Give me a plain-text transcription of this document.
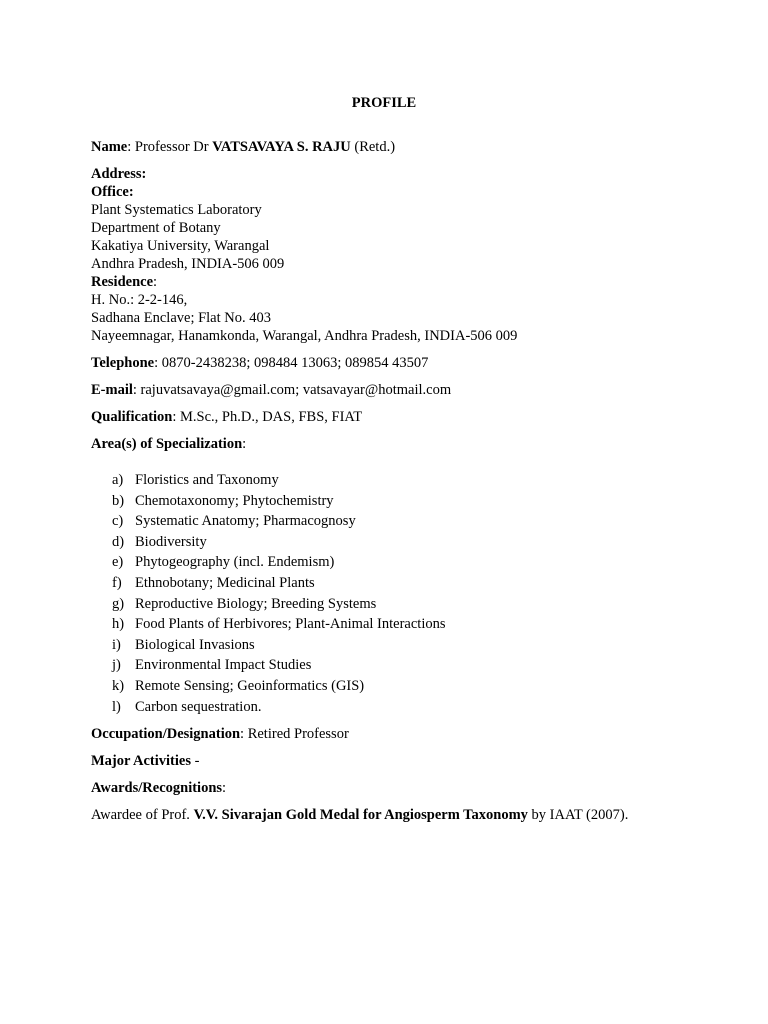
PROFILE
Name: Professor Dr VATSAVAYA S. RAJU (Retd.)
Address:
Office:
Plant Systematics Laboratory
Department of Botany
Kakatiya University, Warangal
Andhra Pradesh, INDIA-506 009
Residence:
H. No.: 2-2-146,
Sadhana Enclave; Flat No. 403
Nayeemnagar, Hanamkonda, Warangal, Andhra Pradesh, INDIA-506 009
Telephone: 0870-2438238; 098484 13063; 089854 43507
E-mail: rajuvatsavaya@gmail.com; vatsavayar@hotmail.com
Qualification: M.Sc., Ph.D., DAS, FBS, FIAT
Area(s) of Specialization:
a) Floristics and Taxonomy
b) Chemotaxonomy; Phytochemistry
c) Systematic Anatomy; Pharmacognosy
d) Biodiversity
e) Phytogeography (incl. Endemism)
f) Ethnobotany; Medicinal Plants
g) Reproductive Biology; Breeding Systems
h) Food Plants of Herbivores; Plant-Animal Interactions
i) Biological Invasions
j) Environmental Impact Studies
k) Remote Sensing; Geoinformatics (GIS)
l) Carbon sequestration.
Occupation/Designation: Retired Professor
Major Activities -
Awards/Recognitions:
Awardee of Prof. V.V. Sivarajan Gold Medal for Angiosperm Taxonomy by IAAT (2007).
